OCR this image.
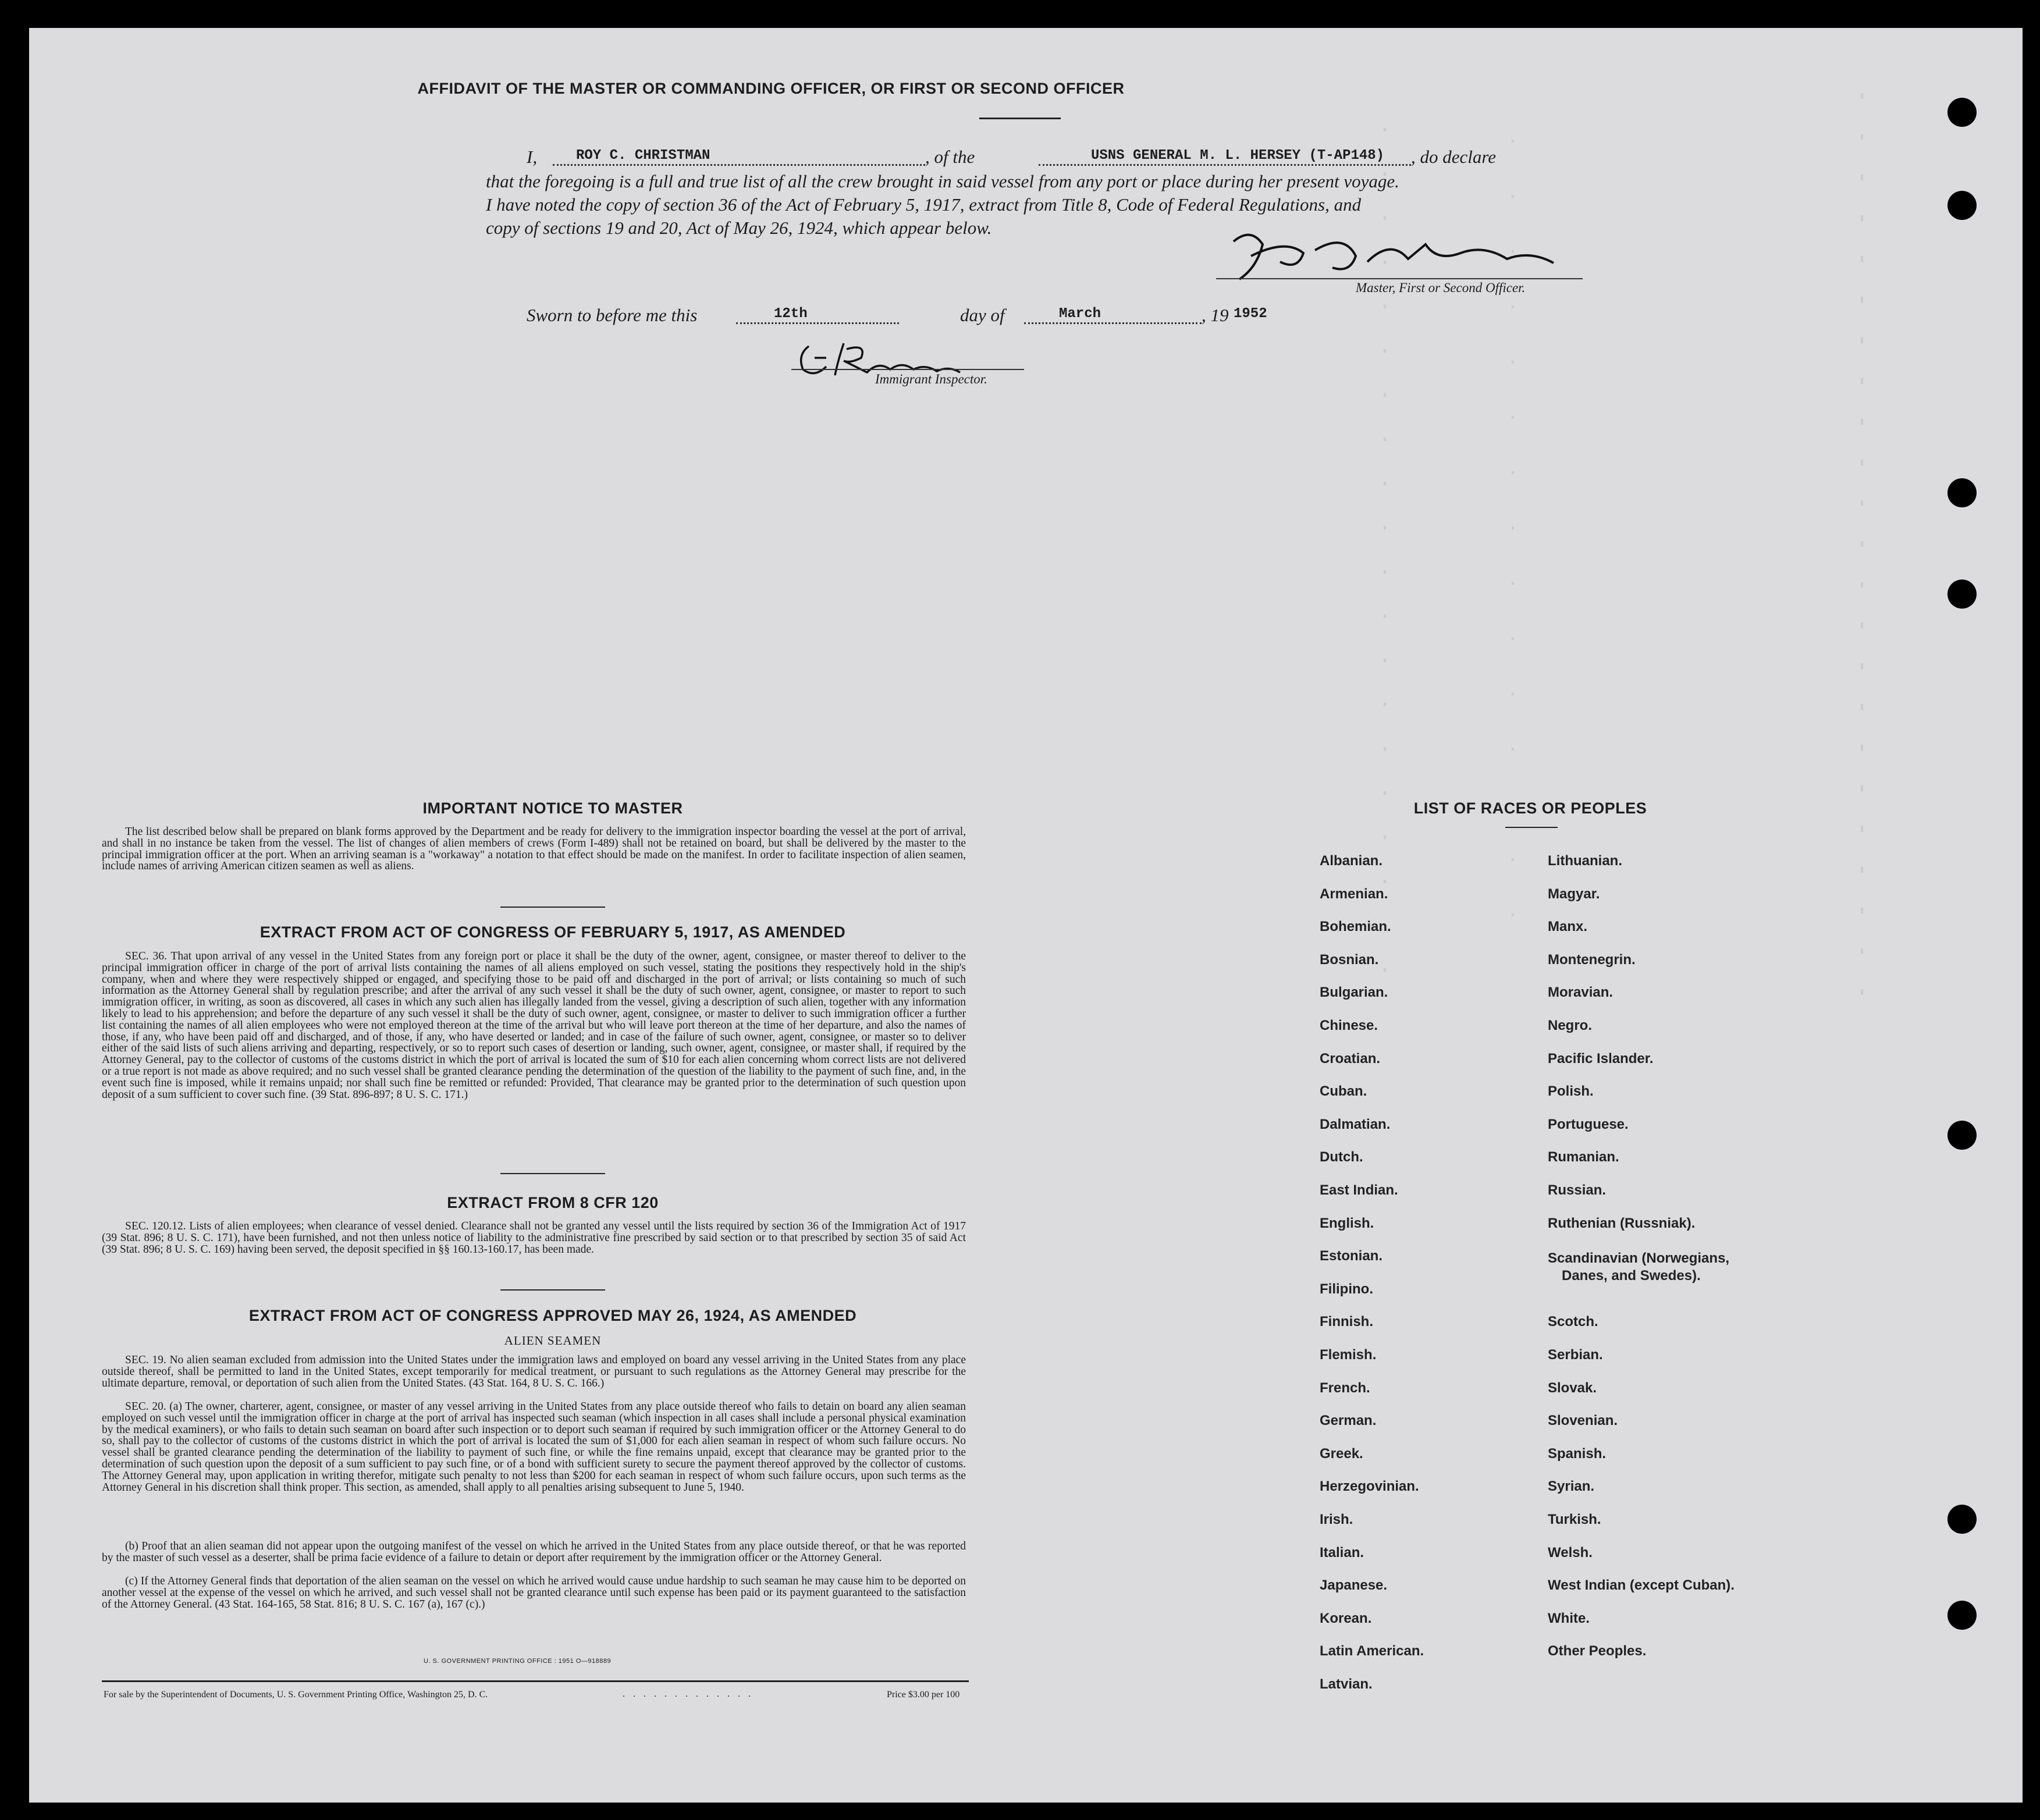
AFFIDAVIT OF THE MASTER OR COMMANDING OFFICER, OR FIRST OR SECOND OFFICER
I,	ROY C. CHRISTMAN	, of the	USNS GENERAL M. L. HERSEY (T-AP148) , do declare
that the foregoing is a full and true list of all the crew brought in said vessel from any port or place during her present voyage.
I have noted the copy of section 36 of the Act of February 5, 1917, extract from Title 8, Code of Federal Regulations, and
copy of sections 19 and 20, Act of May 26, 1924, which appear below.
Master, First or Second Officer.
Sworn to before me this	12th	day of	March	, 19 1952
Immigrant Inspector.
IMPORTANT NOTICE TO MASTER
The list described below shall be prepared on blank forms approved by the Department and be ready for delivery to the immigration inspector boarding the vessel at the port of arrival, and shall in no instance be taken from the vessel. The list of changes of alien members of crews (Form I-489) shall not be retained on board, but shall be delivered by the master to the principal immigration officer at the port. When an arriving seaman is a "workaway" a notation to that effect should be made on the manifest. In order to facilitate inspection of alien seamen, include names of arriving American citizen seamen as well as aliens.
EXTRACT FROM ACT OF CONGRESS OF FEBRUARY 5, 1917, AS AMENDED
SEC. 36. That upon arrival of any vessel in the United States from any foreign port or place it shall be the duty of the owner, agent, consignee, or master thereof to deliver to the principal immigration officer in charge of the port of arrival lists containing the names of all aliens employed on such vessel, stating the positions they respectively hold in the ship's company, when and where they were respectively shipped or engaged, and specifying those to be paid off and discharged in the port of arrival; or lists containing so much of such information as the Attorney General shall by regulation prescribe; and after the arrival of any such vessel it shall be the duty of such owner, agent, consignee, or master to report to such immigration officer, in writing, as soon as discovered, all cases in which any such alien has illegally landed from the vessel, giving a description of such alien, together with any information likely to lead to his apprehension; and before the departure of any such vessel it shall be the duty of such owner, agent, consignee, or master to deliver to such immigration officer a further list containing the names of all alien employees who were not employed thereon at the time of the arrival but who will leave port thereon at the time of her departure, and also the names of those, if any, who have been paid off and discharged, and of those, if any, who have deserted or landed; and in case of the failure of such owner, agent, consignee, or master so to deliver either of the said lists of such aliens arriving and departing, respectively, or so to report such cases of desertion or landing, such owner, agent, consignee, or master shall, if required by the Attorney General, pay to the collector of customs of the customs district in which the port of arrival is located the sum of $10 for each alien concerning whom correct lists are not delivered or a true report is not made as above required; and no such vessel shall be granted clearance pending the determination of the question of the liability to the payment of such fine, and, in the event such fine is imposed, while it remains unpaid; nor shall such fine be remitted or refunded: Provided, That clearance may be granted prior to the determination of such question upon deposit of a sum sufficient to cover such fine. (39 Stat. 896-897; 8 U. S. C. 171.)
EXTRACT FROM 8 CFR 120
SEC. 120.12. Lists of alien employees; when clearance of vessel denied. Clearance shall not be granted any vessel until the lists required by section 36 of the Immigration Act of 1917 (39 Stat. 896; 8 U. S. C. 171), have been furnished, and not then unless notice of liability to the administrative fine prescribed by said section or to that prescribed by section 35 of said Act (39 Stat. 896; 8 U. S. C. 169) having been served, the deposit specified in §§ 160.13-160.17, has been made.
EXTRACT FROM ACT OF CONGRESS APPROVED MAY 26, 1924, AS AMENDED
ALIEN SEAMEN
SEC. 19. No alien seaman excluded from admission into the United States under the immigration laws and employed on board any vessel arriving in the United States from any place outside thereof, shall be permitted to land in the United States, except temporarily for medical treatment, or pursuant to such regulations as the Attorney General may prescribe for the ultimate departure, removal, or deportation of such alien from the United States. (43 Stat. 164, 8 U. S. C. 166.)
SEC. 20. (a) The owner, charterer, agent, consignee, or master of any vessel arriving in the United States from any place outside thereof who fails to detain on board any alien seaman employed on such vessel until the immigration officer in charge at the port of arrival has inspected such seaman (which inspection in all cases shall include a personal physical examination by the medical examiners), or who fails to detain such seaman on board after such inspection or to deport such seaman if required by such immigration officer or the Attorney General to do so, shall pay to the collector of customs of the customs district in which the port of arrival is located the sum of $1,000 for each alien seaman in respect of whom such failure occurs. No vessel shall be granted clearance pending the determination of the liability to payment of such fine, or while the fine remains unpaid, except that clearance may be granted prior to the determination of such question upon the deposit of a sum sufficient to pay such fine, or of a bond with sufficient surety to secure the payment thereof approved by the collector of customs. The Attorney General may, upon application in writing therefor, mitigate such penalty to not less than $200 for each seaman in respect of whom such failure occurs, upon such terms as the Attorney General in his discretion shall think proper. This section, as amended, shall apply to all penalties arising subsequent to June 5, 1940.
(b) Proof that an alien seaman did not appear upon the outgoing manifest of the vessel on which he arrived in the United States from any place outside thereof, or that he was reported by the master of such vessel as a deserter, shall be prima facie evidence of a failure to detain or deport after requirement by the immigration officer or the Attorney General.
(c) If the Attorney General finds that deportation of the alien seaman on the vessel on which he arrived would cause undue hardship to such seaman he may cause him to be deported on another vessel at the expense of the vessel on which he arrived, and such vessel shall not be granted clearance until such expense has been paid or its payment guaranteed to the satisfaction of the Attorney General. (43 Stat. 164-165, 58 Stat. 816; 8 U. S. C. 167 (a), 167 (c).)
U. S. GOVERNMENT PRINTING OFFICE : 1951 O—918889
For sale by the Superintendent of Documents, U. S. Government Printing Office, Washington 25, D. C.	.............	Price $3.00 per 100
LIST OF RACES OR PEOPLES
Albanian.
Armenian.
Bohemian.
Bosnian.
Bulgarian.
Chinese.
Croatian.
Cuban.
Dalmatian.
Dutch.
East Indian.
English.
Estonian.
Filipino.
Finnish.
Flemish.
French.
German.
Greek.
Herzegovinian.
Irish.
Italian.
Japanese.
Korean.
Latin American.
Latvian.
Lithuanian.
Magyar.
Manx.
Montenegrin.
Moravian.
Negro.
Pacific Islander.
Polish.
Portuguese.
Rumanian.
Russian.
Ruthenian (Russniak).
Scandinavian (Norwegians,
Danes, and Swedes).
Scotch.
Serbian.
Slovak.
Slovenian.
Spanish.
Syrian.
Turkish.
Welsh.
West Indian (except Cuban).
White.
Other Peoples.
